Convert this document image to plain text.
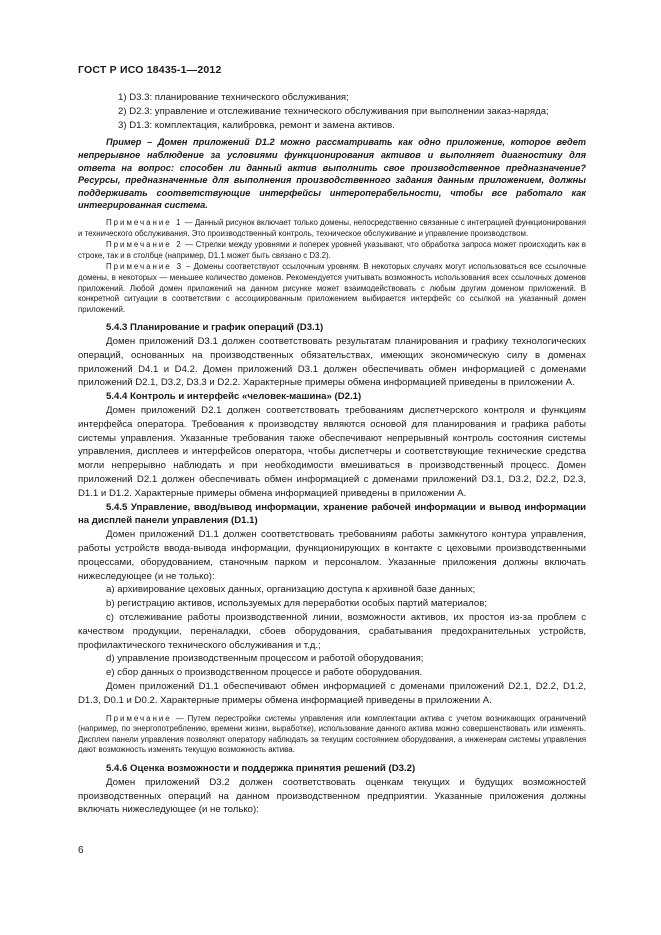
ГОСТ Р ИСО 18435-1—2012

1) D3.3: планирование технического обслуживания;

2) D2.3: управление и отслеживание технического обслуживания при выполнении заказ-наряда;

3) D1.3: комплектация, калибровка, ремонт и замена активов.

Пример – Домен приложений D1.2 можно рассматривать как одно приложение, которое ведет непрерывное наблюдение за условиями функционирования активов и выполняет диагностику для ответа на вопрос: способен ли данный актив выполнить свое производственное предназначение? Ресурсы, предназначенные для выполнения производственного задания данным приложением, должны поддерживать соответствующие интерфейсы интероперабельности, чтобы все работало как интегрированная система.

Примечание 1 — Данный рисунок включает только домены, непосредственно связанные с интеграцией функционирования и технического обслуживания. Это производственный контроль, техническое обслуживание и управление производством.

Примечание 2 — Стрелки между уровнями и поперек уровней указывают, что обработка запроса может происходить как в строке, так и в столбце (например, D1.1 может быть связано с D3.2).

Примечание 3 – Домены соответствуют ссылочным уровням. В некоторых случаях могут использоваться все ссылочные домены, в некоторых — меньшее количество доменов. Рекомендуется учитывать возможность использования всех ссылочных доменов приложений. Любой домен приложений на данном рисунке может взаимодействовать с любым другим доменом приложений. В конкретной ситуации в соответствии с ассоциированным приложением выбирается интерфейс со ссылкой на указанный домен приложений.

5.4.3 Планирование и график операций (D3.1)

Домен приложений D3.1 должен соответствовать результатам планирования и графику технологических операций, основанных на производственных обязательствах, имеющих экономическую силу в доменах приложений D4.1 и D4.2. Домен приложений D3.1 должен обеспечивать обмен информацией с доменами приложений D2.1, D3.2, D3.3 и D2.2. Характерные примеры обмена информацией приведены в приложении А.

5.4.4 Контроль и интерфейс «человек-машина» (D2.1)

Домен приложений D2.1 должен соответствовать требованиям диспетчерского контроля и функциям интерфейса оператора. Требования к производству являются основой для планирования и графика работы системы управления. Указанные требования также обеспечивают непрерывный контроль состояния системы управления, дисплеев и интерфейсов оператора, чтобы диспетчеры и соответствующие технические средства могли непрерывно наблюдать и при необходимости вмешиваться в производственный процесс. Домен приложений D2.1 должен обеспечивать обмен информацией с доменами приложений D3.1, D3.2, D2.2, D2.3, D1.1 и D1.2. Характерные примеры обмена информацией приведены в приложении А.

5.4.5 Управление, ввод/вывод информации, хранение рабочей информации и вывод информации на дисплей панели управления (D1.1)

Домен приложений D1.1 должен соответствовать требованиям работы замкнутого контура управления, работы устройств ввода-вывода информации, функционирующих в контакте с цеховыми производственными процессами, оборудованием, станочным парком и персоналом. Указанные приложения должны включать нижеследующее (и не только):

a) архивирование цеховых данных, организацию доступа к архивной базе данных;

b) регистрацию активов, используемых для переработки особых партий материалов;

c) отслеживание работы производственной линии, возможности активов, их простоя из-за проблем с качеством продукции, переналадки, сбоев оборудования, срабатывания предохранительных устройств, профилактического технического обслуживания и т.д.;

d) управление производственным процессом и работой оборудования;

e) сбор данных о производственном процессе и работе оборудования.

Домен приложений D1.1 обеспечивают обмен информацией с доменами приложений D2.1, D2.2, D1.2, D1.3, D0.1 и D0.2. Характерные примеры обмена информацией приведены в приложении А.

Примечание — Путем перестройки системы управления или комплектации актива с учетом возникающих ограничений (например, по энергопотреблению, времени жизни, выработке), использование данного актива можно совершенствовать или изменять. Дисплеи панели управления позволяют оператору наблюдать за текущим состоянием оборудования, а инженерам системы управления дают возможность изменять текущую возможность актива.

5.4.6 Оценка возможности и поддержка принятия решений (D3.2)

Домен приложений D3.2 должен соответствовать оценкам текущих и будущих возможностей производственных операций на данном производственном предприятии. Указанные приложения должны включать нижеследующее (и не только):

6
